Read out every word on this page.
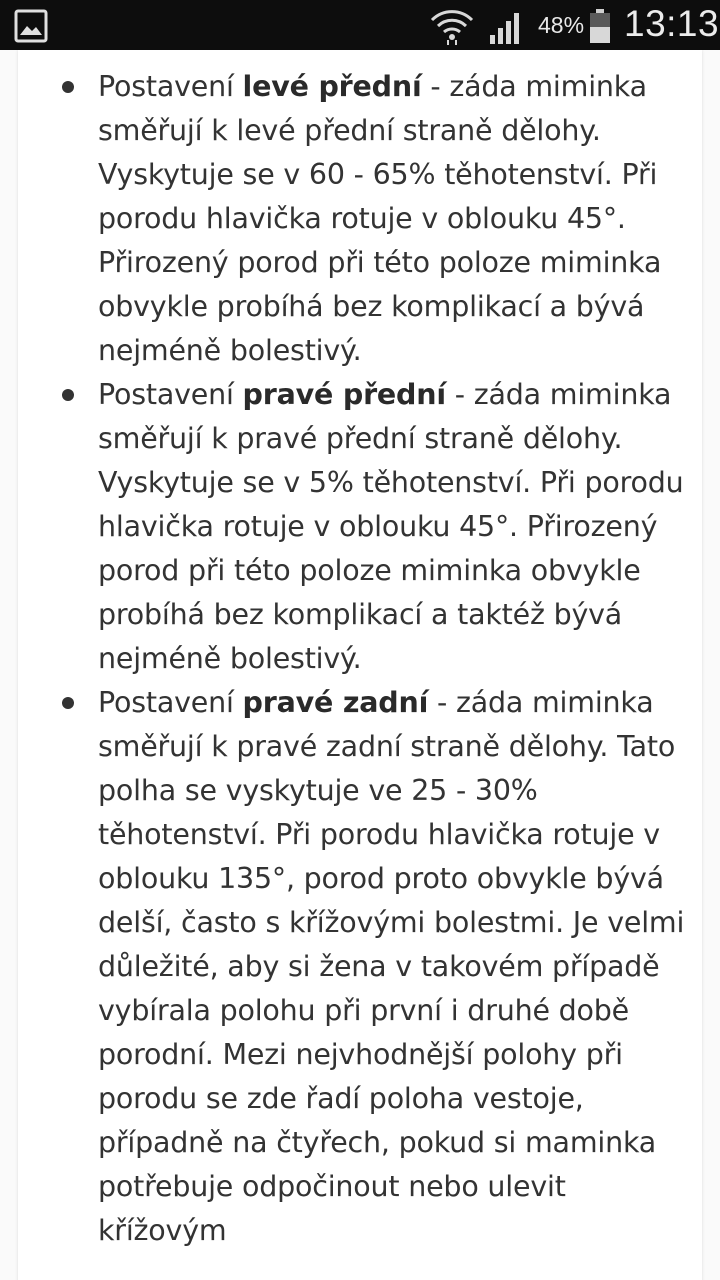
48% 13:13
Postavení levé přední - záda miminka směřují k levé přední straně dělohy. Vyskytuje se v 60 - 65% těhotenství. Při porodu hlavička rotuje v oblouku 45°. Přirozený porod při této poloze miminka obvykle probíhá bez komplikací a bývá nejméně bolestivý.
Postavení pravé přední - záda miminka směřují k pravé přední straně dělohy. Vyskytuje se v 5% těhotenství. Při porodu hlavička rotuje v oblouku 45°. Přirozený porod při této poloze miminka obvykle probíhá bez komplikací a taktéž bývá nejméně bolestivý.
Postavení pravé zadní - záda miminka směřují k pravé zadní straně dělohy. Tato polha se vyskytuje ve 25 - 30% těhotenství. Při porodu hlavička rotuje v oblouku 135°, porod proto obvykle bývá delší, často s křížovými bolestmi. Je velmi důležité, aby si žena v takovém případě vybírala polohu při první i druhé době porodní. Mezi nejvhodnější polohy při porodu se zde řadí poloha vestoje, případně na čtyřech, pokud si maminka potřebuje odpočinout nebo ulevit křížovým
